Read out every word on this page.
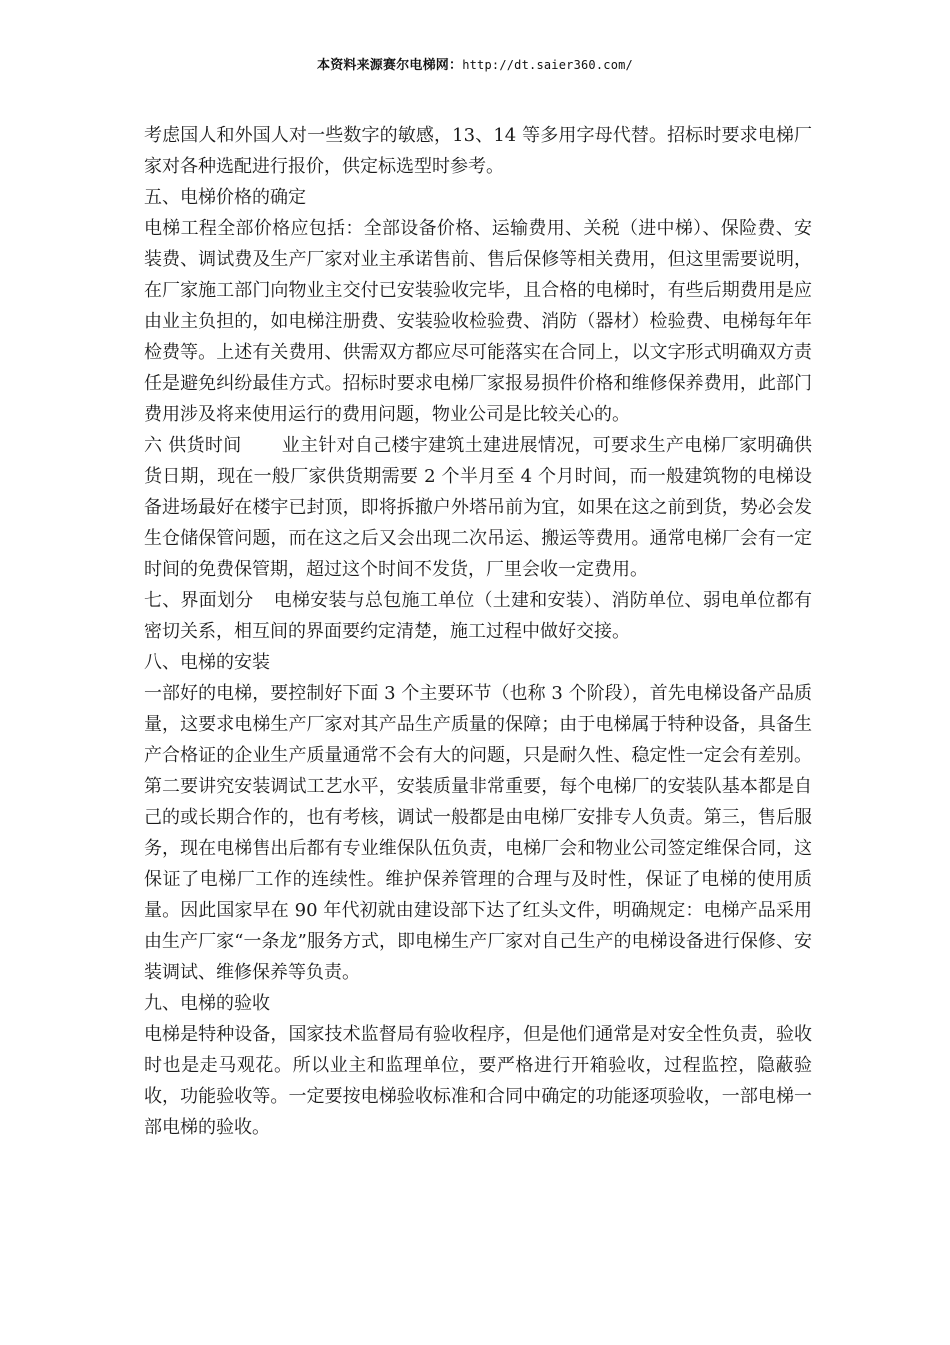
本资料来源赛尔电梯网：http://dt.saier360.com/

考虑国人和外国人对一些数字的敏感，13、14 等多用字母代替。招标时要求电梯厂家对各种选配进行报价，供定标选型时参考。

五、电梯价格的确定

电梯工程全部价格应包括：全部设备价格、运输费用、关税（进中梯）、保险费、安装费、调试费及生产厂家对业主承诺售前、售后保修等相关费用，但这里需要说明，在厂家施工部门向物业主交付已安装验收完毕，且合格的电梯时，有些后期费用是应由业主负担的，如电梯注册费、安装验收检验费、消防（器材）检验费、电梯每年年检费等。上述有关费用、供需双方都应尽可能落实在合同上，以文字形式明确双方责任是避免纠纷最佳方式。招标时要求电梯厂家报易损件价格和维修保养费用，此部门费用涉及将来使用运行的费用问题，物业公司是比较关心的。

六 供货时间 业主针对自己楼宇建筑土建进展情况，可要求生产电梯厂家明确供货日期，现在一般厂家供货期需要 2 个半月至 4 个月时间，而一般建筑物的电梯设备进场最好在楼宇已封顶，即将拆撤户外塔吊前为宜，如果在这之前到货，势必会发生仓储保管问题，而在这之后又会出现二次吊运、搬运等费用。通常电梯厂会有一定时间的免费保管期，超过这个时间不发货，厂里会收一定费用。

七、界面划分 电梯安装与总包施工单位（土建和安装）、消防单位、弱电单位都有密切关系，相互间的界面要约定清楚，施工过程中做好交接。

八、电梯的安装

一部好的电梯，要控制好下面 3 个主要环节（也称 3 个阶段），首先电梯设备产品质量，这要求电梯生产厂家对其产品生产质量的保障；由于电梯属于特种设备，具备生产合格证的企业生产质量通常不会有大的问题，只是耐久性、稳定性一定会有差别。第二要讲究安装调试工艺水平，安装质量非常重要，每个电梯厂的安装队基本都是自己的或长期合作的，也有考核，调试一般都是由电梯厂安排专人负责。第三，售后服务，现在电梯售出后都有专业维保队伍负责，电梯厂会和物业公司签定维保合同，这保证了电梯厂工作的连续性。维护保养管理的合理与及时性，保证了电梯的使用质量。因此国家早在 90 年代初就由建设部下达了红头文件，明确规定：电梯产品采用由生产厂家“一条龙”服务方式，即电梯生产厂家对自己生产的电梯设备进行保修、安装调试、维修保养等负责。

九、电梯的验收

电梯是特种设备，国家技术监督局有验收程序，但是他们通常是对安全性负责，验收时也是走马观花。所以业主和监理单位，要严格进行开箱验收，过程监控，隐蔽验收，功能验收等。一定要按电梯验收标准和合同中确定的功能逐项验收，一部电梯一部电梯的验收。
